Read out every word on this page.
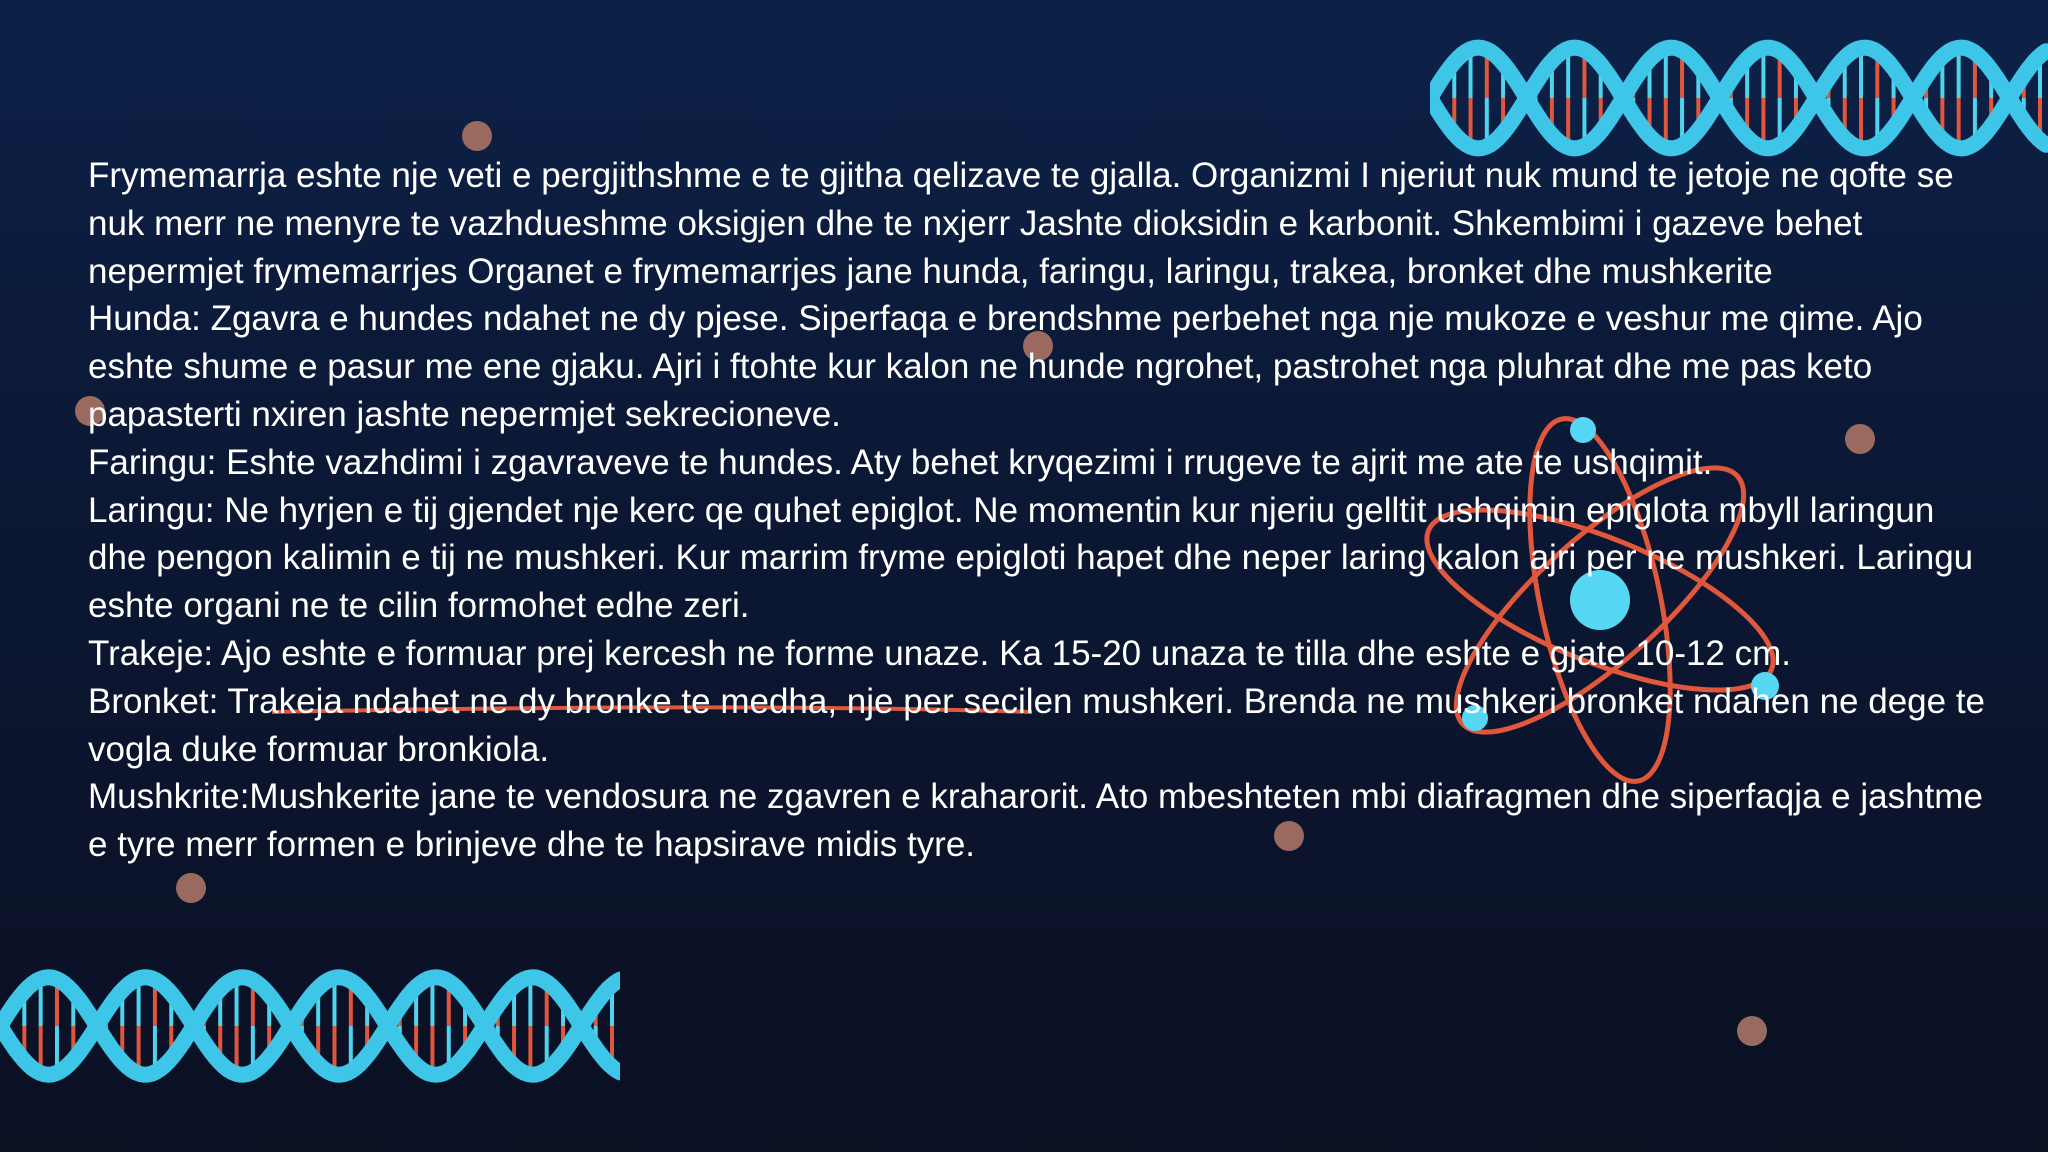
Frymemarrja eshte nje veti e pergjithshme e te gjitha qelizave te gjalla. Organizmi I njeriut nuk mund te jetoje ne qofte se nuk merr ne menyre te vazhdueshme oksigjen dhe te nxjerr Jashte dioksidin e karbonit. Shkembimi i gazeve behet nepermjet frymemarrjes Organet e frymemarrjes jane hunda, faringu, laringu, trakea, bronket dhe mushkerite

Hunda: Zgavra e hundes ndahet ne dy pjese. Siperfaqa e brendshme perbehet nga nje mukoze e veshur me qime. Ajo eshte shume e pasur me ene gjaku. Ajri i ftohte kur kalon ne hunde ngrohet, pastrohet nga pluhrat dhe me pas keto papasterti nxiren jashte nepermjet sekrecioneve.

Faringu: Eshte vazhdimi i zgavraveve te hundes. Aty behet kryqezimi i rrugeve te ajrit me ate te ushqimit.

Laringu: Ne hyrjen e tij gjendet nje kerc qe quhet epiglot. Ne momentin kur njeriu gelltit ushqimin epiglota mbyll laringun dhe pengon kalimin e tij ne mushkeri. Kur marrim fryme epigloti hapet dhe neper laring kalon ajri per ne mushkeri. Laringu eshte organi ne te cilin formohet edhe zeri.

Trakeje: Ajo eshte e formuar prej kercesh ne forme unaze. Ka 15-20 unaza te tilla dhe eshte e gjate 10-12 cm.

Bronket: Trakeja ndahet ne dy bronke te medha, nje per secilen mushkeri. Brenda ne mushkeri bronket ndahen ne dege te vogla duke formuar bronkiola.

Mushkrite:Mushkerite jane te vendosura ne zgavren e kraharorit. Ato mbeshteten mbi diafragmen dhe siperfaqja e jashtme e tyre merr formen e brinjeve dhe te hapsirave midis tyre.
